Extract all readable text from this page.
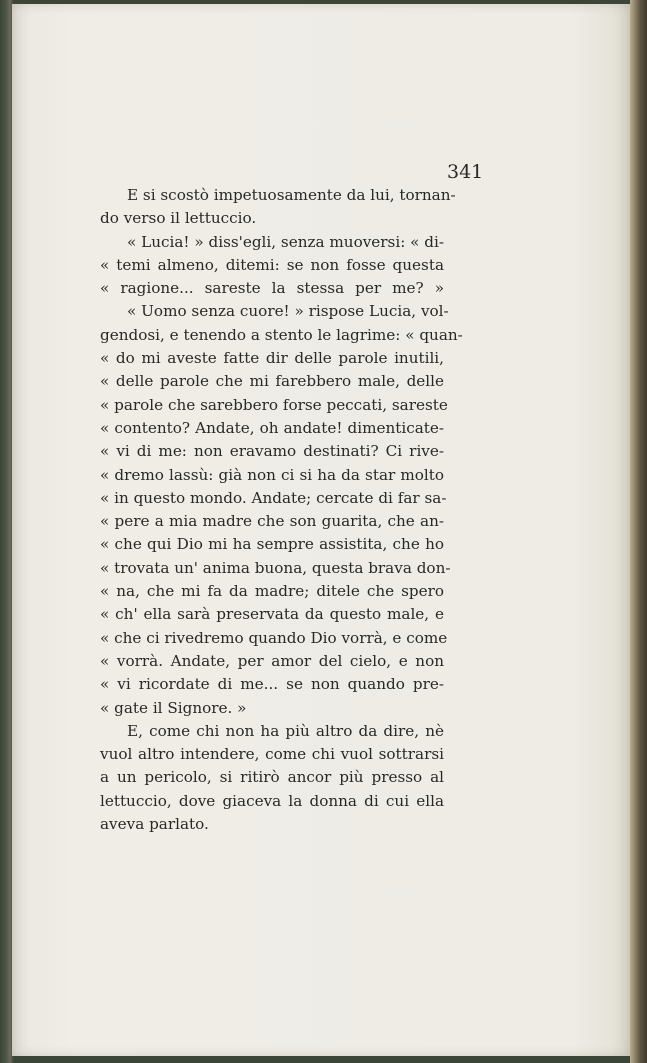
341
E si scostò impetuosamente da lui, tornan-
do verso il lettuccio.
« Lucia! » diss'egli, senza muoversi: « di-
« temi almeno, ditemi: se non fosse questa
« ragione... sareste la stessa per me? »
« Uomo senza cuore! » rispose Lucia, vol-
gendosi, e tenendo a stento le lagrime: « quan-
« do mi aveste fatte dir delle parole inutili,
« delle parole che mi farebbero male, delle
« parole che sarebbero forse peccati, sareste
« contento? Andate, oh andate! dimenticate-
« vi di me: non eravamo destinati? Ci rive-
« dremo lassù: già non ci si ha da star molto
« in questo mondo. Andate; cercate di far sa-
« pere a mia madre che son guarita, che an-
« che qui Dio mi ha sempre assistita, che ho
« trovata un' anima buona, questa brava don-
« na, che mi fa da madre; ditele che spero
« ch' ella sarà preservata da questo male, e
« che ci rivedremo quando Dio vorrà, e come
« vorrà. Andate, per amor del cielo, e non
« vi ricordate di me... se non quando pre-
« gate il Signore. »
E, come chi non ha più altro da dire, nè
vuol altro intendere, come chi vuol sottrarsi
a un pericolo, si ritirò ancor più presso al
lettuccio, dove giaceva la donna di cui ella
aveva parlato.
